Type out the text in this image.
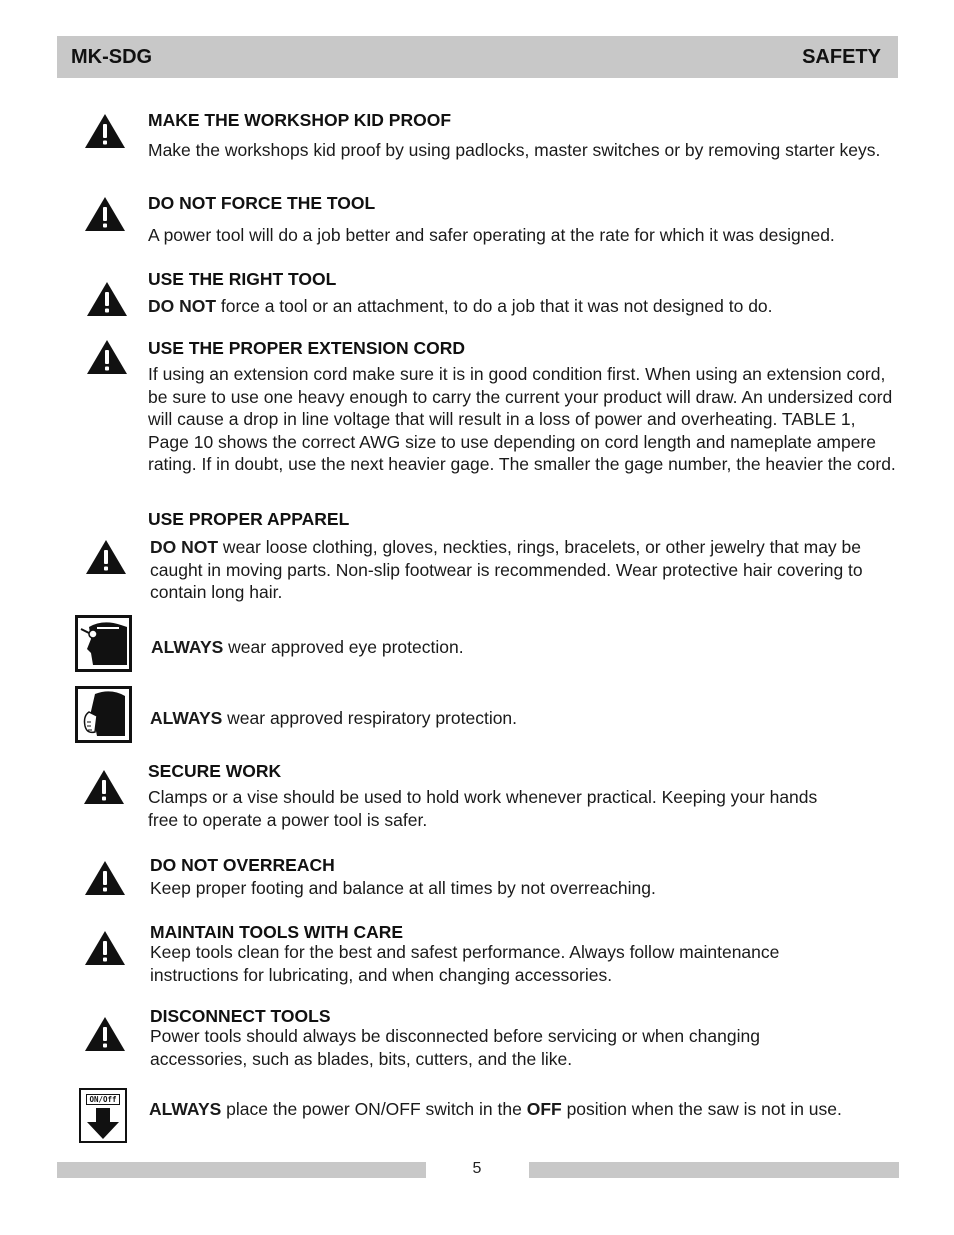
MK-SDG	SAFETY
MAKE THE WORKSHOP KID PROOF
Make the workshops kid proof by using padlocks, master switches or by removing starter keys.
DO NOT FORCE THE TOOL
A power tool will do a job better and safer operating at the rate for which it was designed.
USE THE RIGHT TOOL
DO NOT force a tool or an attachment, to do a job that it was not designed to do.
USE THE PROPER EXTENSION CORD
If using an extension cord make sure it is in good condition first. When using an extension cord, be sure to use one heavy enough to carry the current your product will draw. An undersized cord will cause a drop in line voltage that will result in a loss of power and overheating. TABLE 1, Page 10 shows the correct AWG size to use depending on cord length and nameplate ampere rating. If in doubt, use the next heavier gage. The smaller the gage number, the heavier the cord.
USE PROPER APPAREL
DO NOT wear loose clothing, gloves, neckties, rings, bracelets, or other jewelry that may be caught in moving parts. Non-slip footwear is recommended. Wear protective hair covering to contain long hair.
ALWAYS wear approved eye protection.
ALWAYS wear approved respiratory protection.
SECURE WORK
Clamps or a vise should be used to hold work whenever practical. Keeping your hands free to operate a power tool is safer.
DO NOT OVERREACH
Keep proper footing and balance at all times by not overreaching.
MAINTAIN TOOLS WITH CARE
Keep tools clean for the best and safest performance. Always follow maintenance instructions for lubricating, and when changing accessories.
DISCONNECT TOOLS
Power tools should always be disconnected before servicing or when changing accessories, such as blades, bits, cutters, and the like.
ON/Off ALWAYS place the power ON/OFF switch in the OFF position when the saw is not in use.
5
